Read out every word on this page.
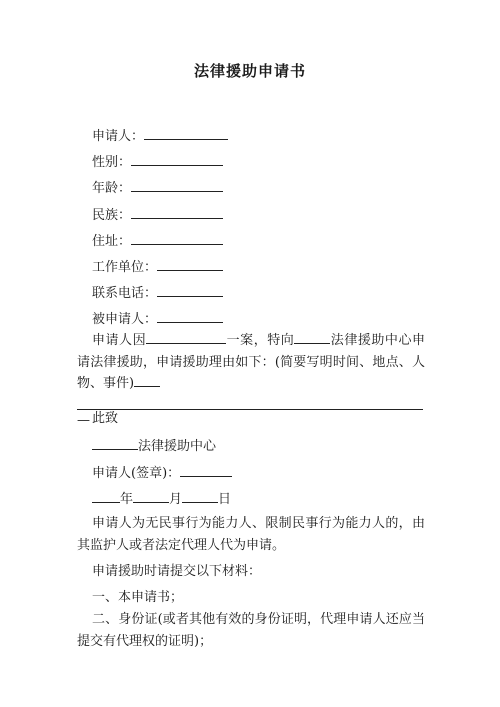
法律援助申请书
申请人：
性别：
年龄：
民族：
住址：
工作单位：
联系电话：
被申请人：
申请人因	一案，特向	法律援助中心申请法律援助，申请援助理由如下：(简要写明时间、地点、人物、事件)
— 此致
法律援助中心
申请人(签章)：
年	月	日
申请人为无民事行为能力人、限制民事行为能力人的，由其监护人或者法定代理人代为申请。
申请援助时请提交以下材料：
一、本申请书；
二、身份证(或者其他有效的身份证明，代理申请人还应当提交有代理权的证明)；
